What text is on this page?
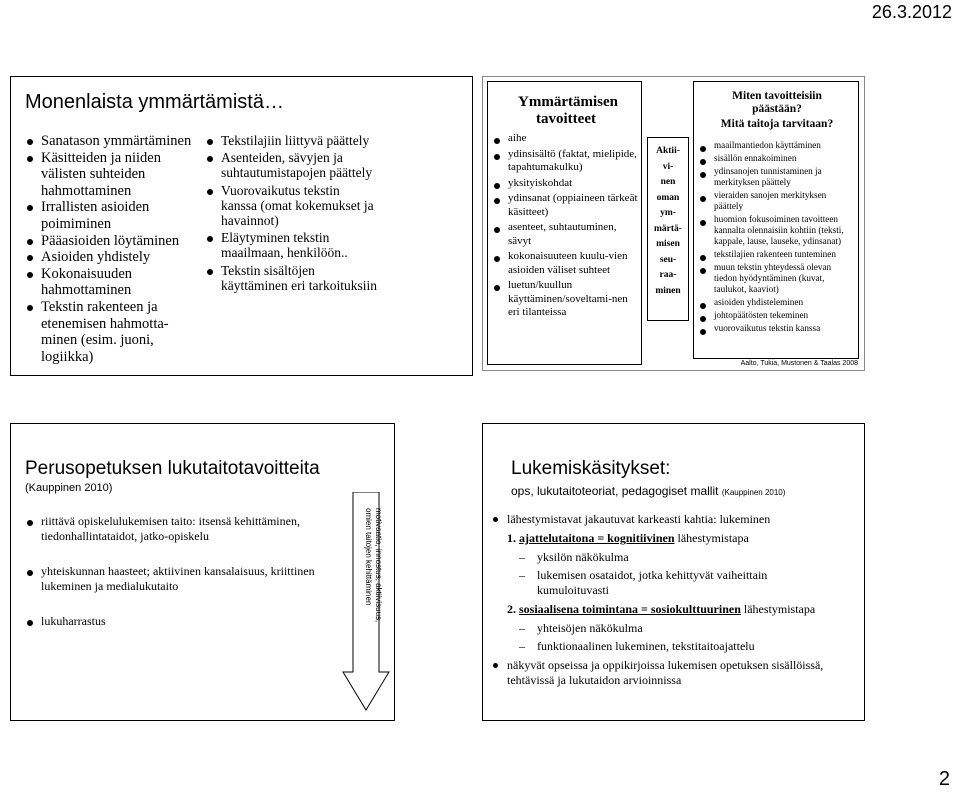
26.3.2012
Monenlaista ymmärtämistä…
Sanatason ymmärtäminen
Käsitteiden ja niiden välisten suhteiden hahmottaminen
Irrallisten asioiden poimiminen
Pääasioiden löytäminen
Asioiden yhdistely
Kokonaisuuden hahmottaminen
Tekstin rakenteen ja etenemisen hahmotta-minen (esim. juoni, logiikka)
Tekstilajiin liittyvä päättely
Asenteiden, sävyjen ja suhtautumistapojen päättely
Vuorovaikutus tekstin kanssa (omat kokemukset ja havainnot)
Eläytyminen tekstin maailmaan, henkilöön..
Tekstin sisältöjen käyttäminen eri tarkoituksiin
Ymmärtämisen tavoitteet
aihe
ydinsisältö (faktat, mielipide, tapahtumakulku)
yksityiskohdat
ydinsanat (oppiaineen tärkeät käsitteet)
asenteet, suhtautuminen, sävyt
kokonaisuuteen kuulu-vien asioiden väliset suhteet
luetun/kuullun käyttäminen/soveltami-nen eri tilanteissa
Aktii-
vi-
nen
oman
ym-
märtä-
misen
seu-
raa-
minen
Miten tavoitteisiin päästään?
Mitä taitoja tarvitaan?
maailmantiedon käyttäminen
sisällön ennakoiminen
ydinsanojen tunnistaminen ja merkityksen päättely
vieraiden sanojen merkityksen päättely
huomion fokusoiminen tavoitteen kannalta olennaisiin kohtiin (teksti, kappale, lause, lauseke, ydinsanat)
tekstilajien rakenteen tunteminen
muun tekstin yhteydessä olevan tiedon hyödyntäminen (kuvat, taulukot, kaaviot)
asioiden yhdisteleminen
johtopäätösten tekeminen
vuorovaikutus tekstin kanssa
Aalto, Tukia, Mustonen & Taalas 2008
Perusopetuksen lukutaitotavoitteita
(Kauppinen 2010)
riittävä opiskelulukemisen taito: itsensä kehittäminen, tiedonhallintataidot, jatko-opiskelu
yhteiskunnan haasteet; aktiivinen kansalaisuus, kriittinen lukeminen ja medialukutaito
lukuharrastus	motivaatio, innostus, aktiivisuus,
omien taitojen kehittäminen
Lukemiskäsitykset:
ops, lukutaitoteoriat, pedagogiset mallit (Kauppinen 2010)
lähestymistavat jakautuvat karkeasti kahtia: lukeminen
1. ajattelutaitona = kognitiivinen lähestymistapa
– yksilön näkökulma
– lukemisen osataidot, jotka kehittyvät vaiheittain kumuloituvasti
2. sosiaalisena toimintana = sosiokulttuurinen lähestymistapa
– yhteisöjen näkökulma
– funktionaalinen lukeminen, tekstitaitoajattelu
näkyvät opseissa ja oppikirjoissa lukemisen opetuksen sisällöissä, tehtävissä ja lukutaidon arvioinnissa
2
